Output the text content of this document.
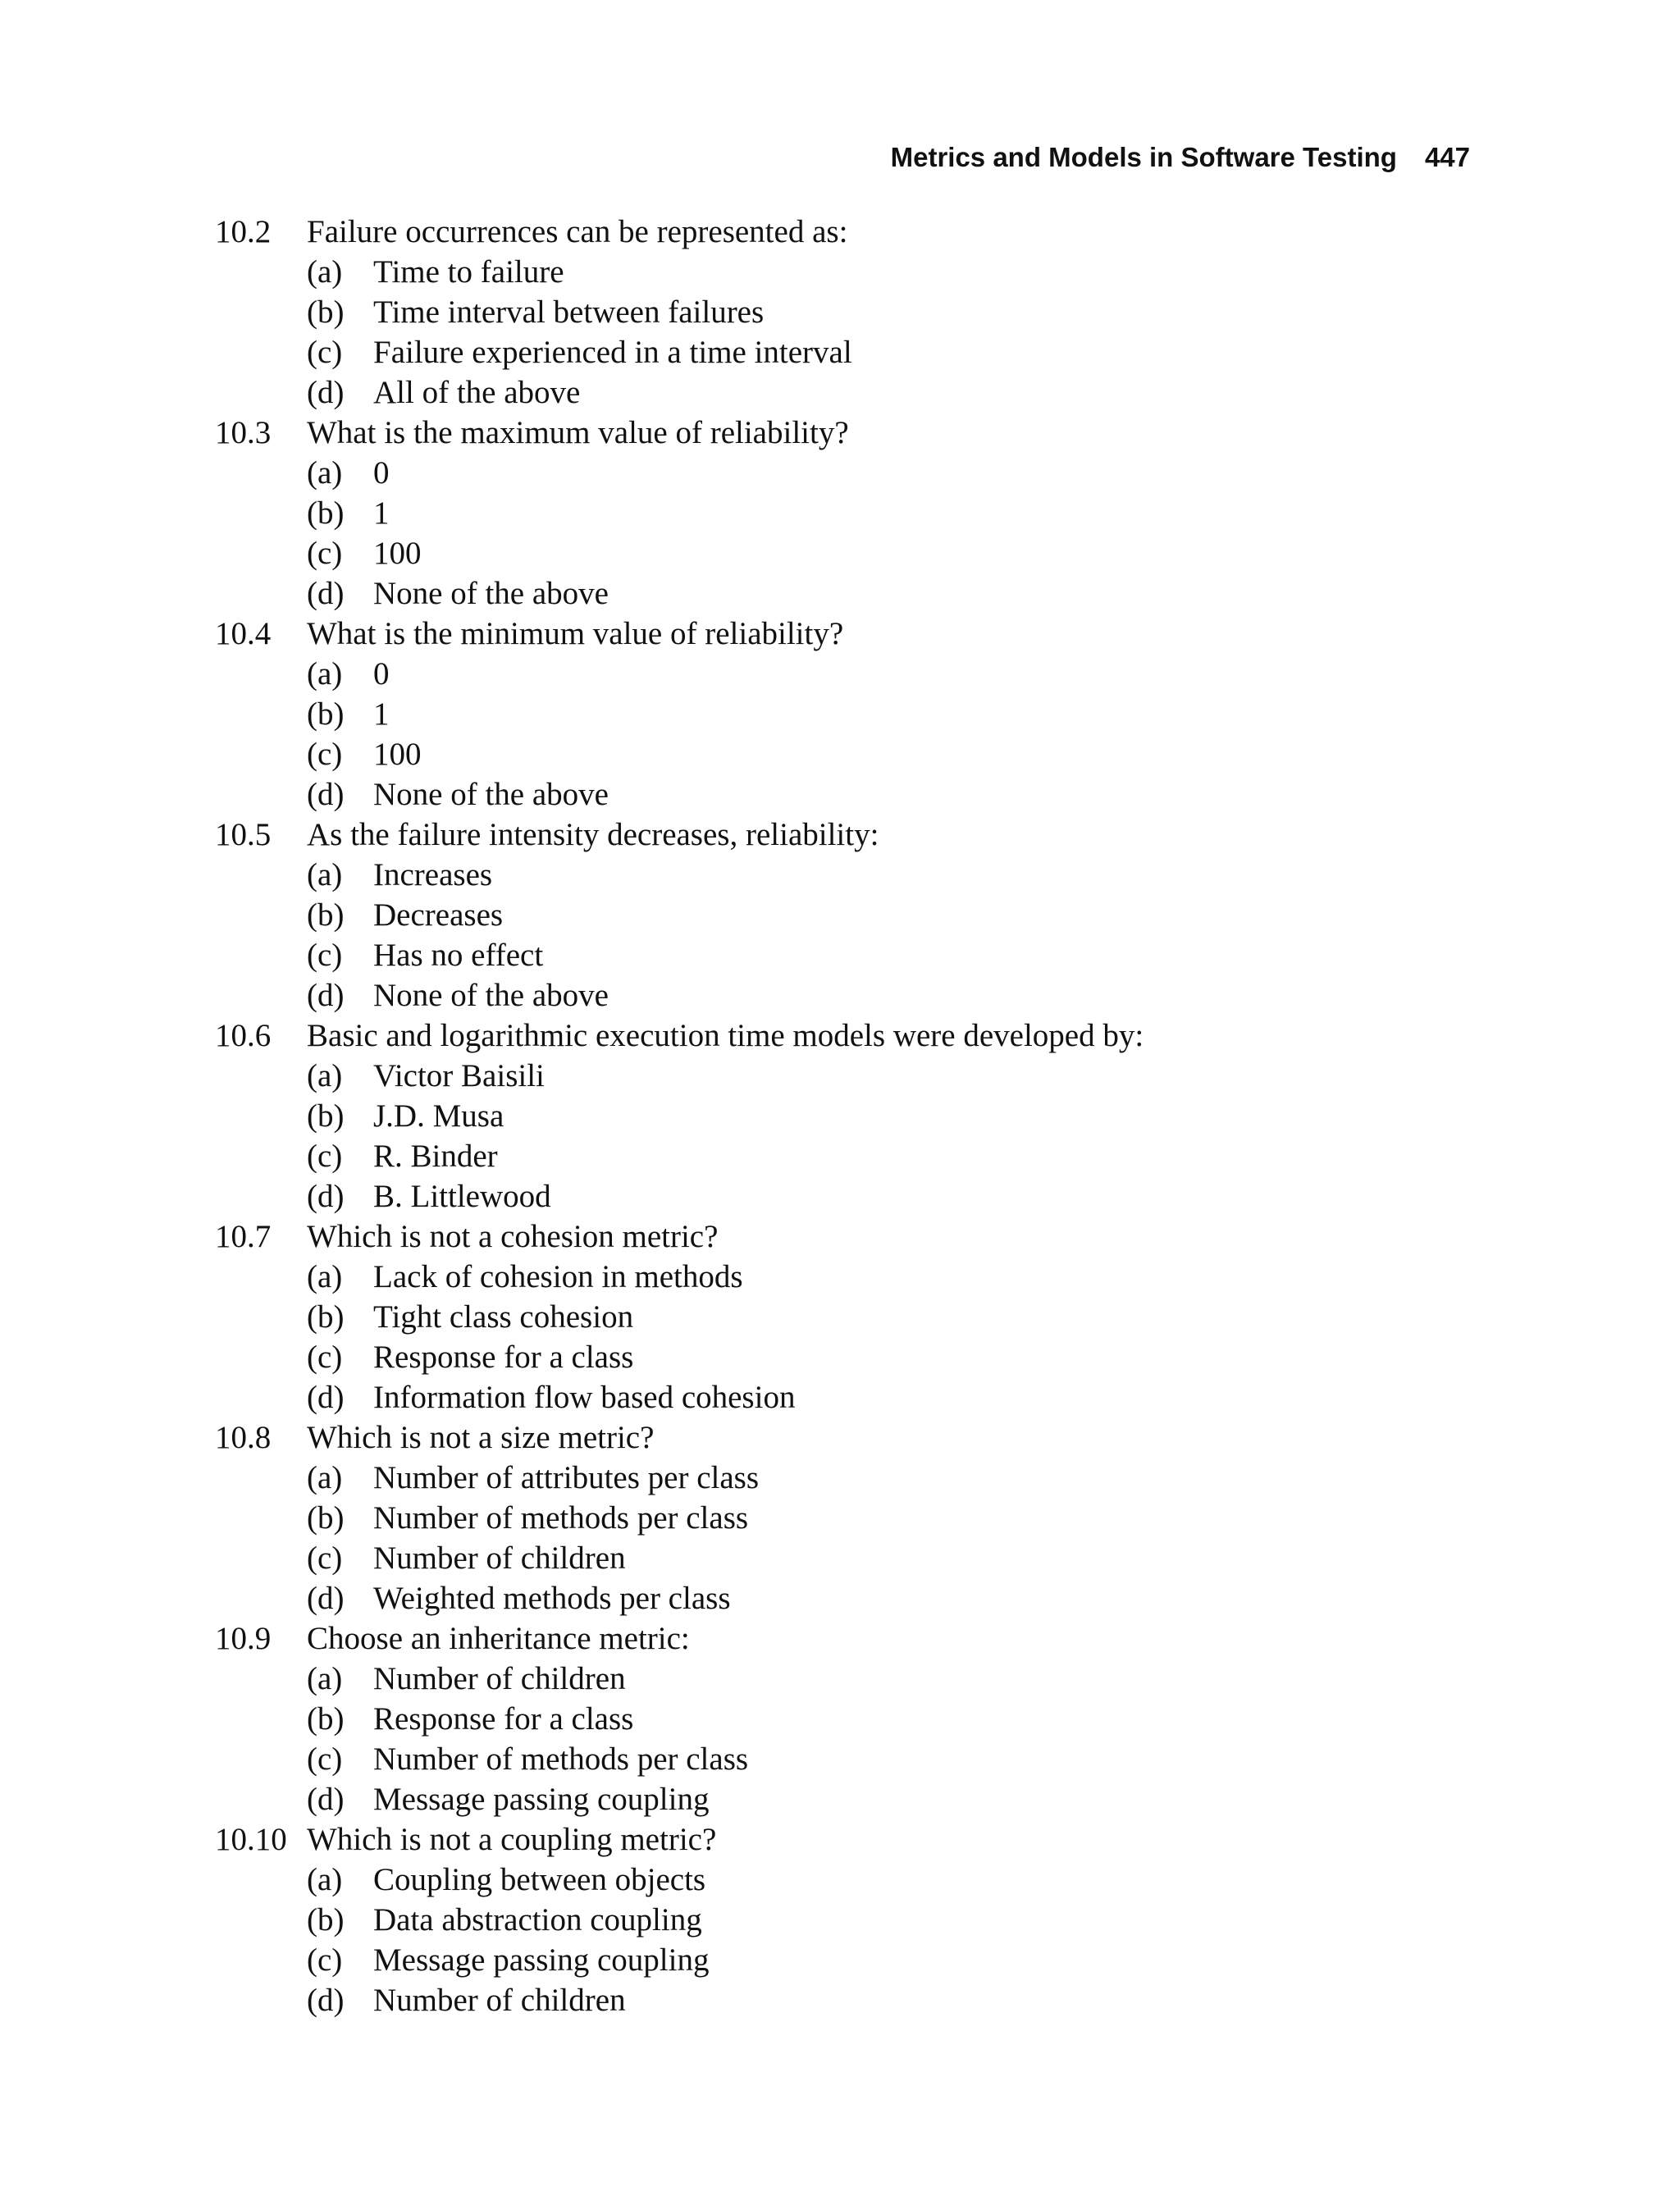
Metrics and Models in Software Testing 447
10.2	Failure occurrences can be represented as:
(a) Time to failure
(b) Time interval between failures
(c) Failure experienced in a time interval
(d) All of the above
10.3	What is the maximum value of reliability?
(a) 0
(b) 1
(c) 100
(d) None of the above
10.4	What is the minimum value of reliability?
(a) 0
(b) 1
(c) 100
(d) None of the above
10.5	As the failure intensity decreases, reliability:
(a) Increases
(b) Decreases
(c) Has no effect
(d) None of the above
10.6	Basic and logarithmic execution time models were developed by:
(a) Victor Baisili
(b) J.D. Musa
(c) R. Binder
(d) B. Littlewood
10.7	Which is not a cohesion metric?
(a) Lack of cohesion in methods
(b) Tight class cohesion
(c) Response for a class
(d) Information flow based cohesion
10.8	Which is not a size metric?
(a) Number of attributes per class
(b) Number of methods per class
(c) Number of children
(d) Weighted methods per class
10.9	Choose an inheritance metric:
(a) Number of children
(b) Response for a class
(c) Number of methods per class
(d) Message passing coupling
10.10 Which is not a coupling metric?
(a) Coupling between objects
(b) Data abstraction coupling
(c) Message passing coupling
(d) Number of children
